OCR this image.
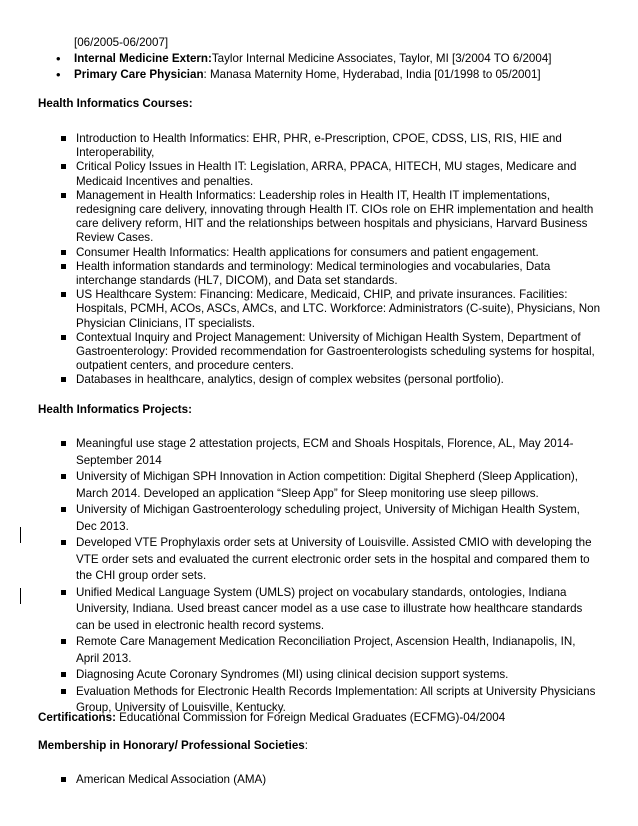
[06/2005-06/2007]
• Internal Medicine Extern:Taylor Internal Medicine Associates, Taylor, MI [3/2004 TO 6/2004]
• Primary Care Physician: Manasa Maternity Home, Hyderabad, India [01/1998 to 05/2001]
Health Informatics Courses:
Introduction to Health Informatics: EHR, PHR, e-Prescription, CPOE, CDSS, LIS, RIS, HIE and Interoperability,
Critical Policy Issues in Health IT: Legislation, ARRA, PPACA, HITECH, MU stages, Medicare and Medicaid Incentives and penalties.
Management in Health Informatics: Leadership roles in Health IT, Health IT implementations, redesigning care delivery, innovating through Health IT. CIOs role on EHR implementation and health care delivery reform, HIT and the relationships between hospitals and physicians, Harvard Business Review Cases.
Consumer Health Informatics: Health applications for consumers and patient engagement.
Health information standards and terminology: Medical terminologies and vocabularies, Data interchange standards (HL7, DICOM), and Data set standards.
US Healthcare System: Financing: Medicare, Medicaid, CHIP, and private insurances. Facilities: Hospitals, PCMH, ACOs, ASCs, AMCs, and LTC. Workforce: Administrators (C-suite), Physicians, Non Physician Clinicians, IT specialists.
Contextual Inquiry and Project Management: University of Michigan Health System, Department of Gastroenterology: Provided recommendation for Gastroenterologists scheduling systems for hospital, outpatient centers, and procedure centers.
Databases in healthcare, analytics, design of complex websites (personal portfolio).
Health Informatics Projects:
Meaningful use stage 2 attestation projects, ECM and Shoals Hospitals, Florence, AL, May 2014- September 2014
University of Michigan SPH Innovation in Action competition: Digital Shepherd (Sleep Application), March 2014. Developed an application “Sleep App” for Sleep monitoring use sleep pillows.
University of Michigan Gastroenterology scheduling project, University of Michigan Health System, Dec 2013.
Developed VTE Prophylaxis order sets at University of Louisville. Assisted CMIO with developing the VTE order sets and evaluated the current electronic order sets in the hospital and compared them to the CHI group order sets.
Unified Medical Language System (UMLS) project on vocabulary standards, ontologies, Indiana University, Indiana. Used breast cancer model as a use case to illustrate how healthcare standards can be used in electronic health record systems.
Remote Care Management Medication Reconciliation Project, Ascension Health, Indianapolis, IN, April 2013.
Diagnosing Acute Coronary Syndromes (MI) using clinical decision support systems.
Evaluation Methods for Electronic Health Records Implementation: All scripts at University Physicians Group, University of Louisville, Kentucky.
Certifications: Educational Commission for Foreign Medical Graduates (ECFMG)-04/2004
Membership in Honorary/ Professional Societies:
American Medical Association (AMA)
